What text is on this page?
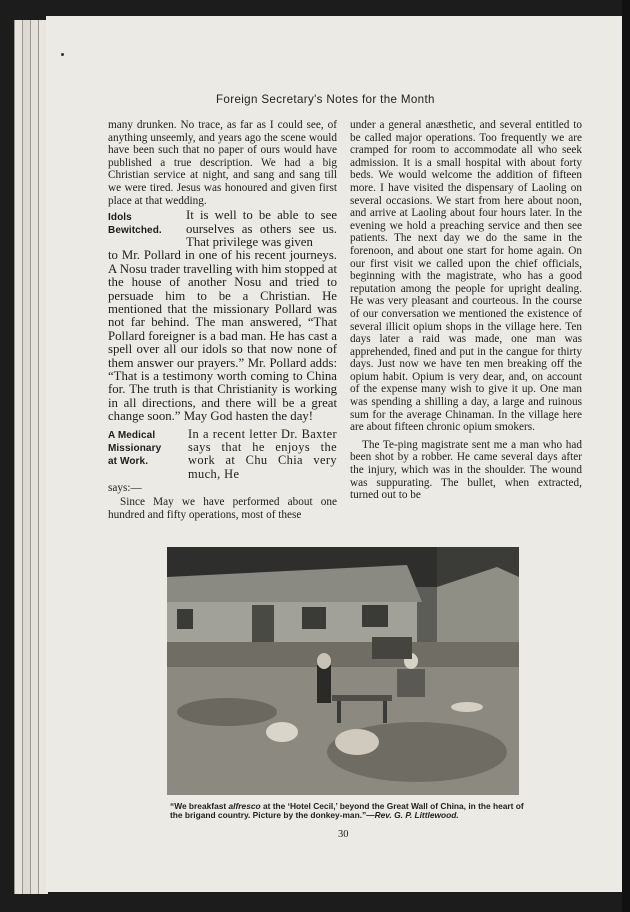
Foreign Secretary's Notes for the Month

many drunken. No trace, as far as I could see, of anything unseemly, and years ago the scene would have been such that no paper of ours would have published a true description. We had a big Christian service at night, and sang and sang till we were tired. Jesus was honoured and given first place at that wedding.

Idols
Bewitched.
It is well to be able to see ourselves as others see us. That privilege was given

to Mr. Pollard in one of his recent journeys. A Nosu trader travelling with him stopped at the house of another Nosu and tried to persuade him to be a Christian. He mentioned that the missionary Pollard was not far behind. The man answered, “That Pollard foreigner is a bad man. He has cast a spell over all our idols so that now none of them answer our prayers.” Mr. Pollard adds: “That is a testimony worth coming to China for. The truth is that Christianity is working in all directions, and there will be a great change soon.” May God hasten the day!

A Medical
Missionary
at Work.
In a recent letter Dr. Baxter says that he enjoys the work at Chu Chia very much, He

says:—

Since May we have performed about one hundred and fifty operations, most of these

under a general anæsthetic, and several entitled to be called major operations. Too frequently we are cramped for room to accommodate all who seek admission. It is a small hospital with about forty beds. We would welcome the addition of fifteen more. I have visited the dispensary of Laoling on several occasions. We start from here about noon, and arrive at Laoling about four hours later. In the evening we hold a preaching service and then see patients. The next day we do the same in the forenoon, and about one start for home again. On our first visit we called upon the chief officials, beginning with the magistrate, who has a good reputation among the people for upright dealing. He was very pleasant and courteous. In the course of our conversation we mentioned the existence of several illicit opium shops in the village here. Ten days later a raid was made, one man was apprehended, fined and put in the cangue for thirty days. Just now we have ten men breaking off the opium habit. Opium is very dear, and, on account of the expense many wish to give it up. One man was spending a shilling a day, a large and ruinous sum for the average Chinaman. In the village here are about fifteen chronic opium smokers.

The Te-ping magistrate sent me a man who had been shot by a robber. He came several days after the injury, which was in the shoulder. The wound was suppurating. The bullet, when extracted, turned out to be

“We breakfast alfresco at the ‘Hotel Cecil,’ beyond the Great Wall of China, in the heart of the brigand country. Picture by the donkey-man.”—Rev. G. P. Littlewood.
30
